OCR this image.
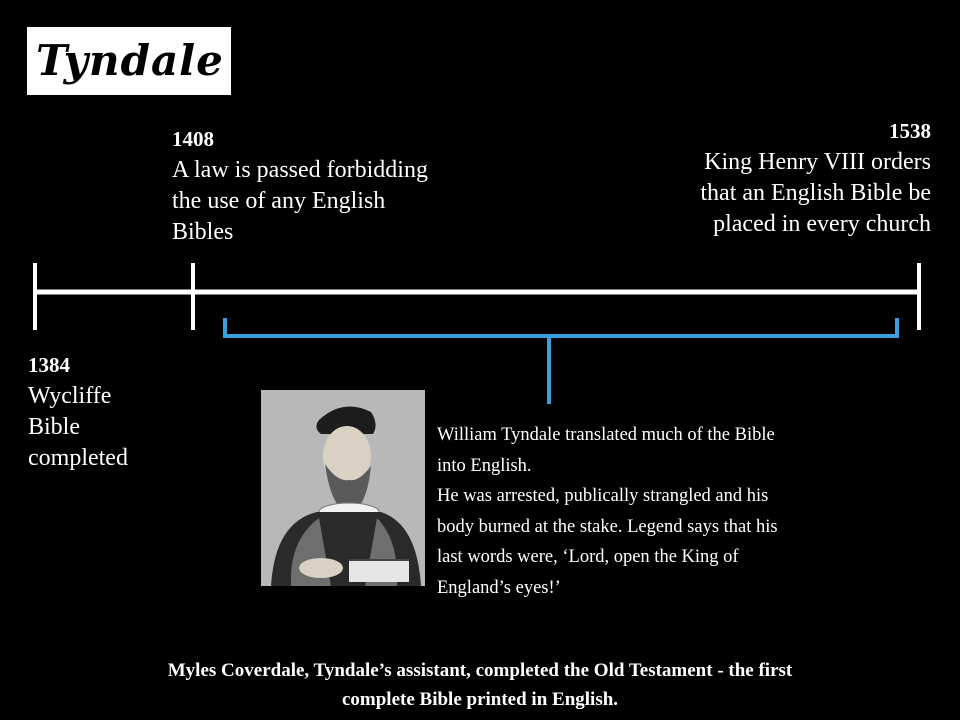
Tyndale
1384
Wycliffe
Bible
completed
1408
A law is passed forbidding
the use of any English
Bibles
1538
King Henry VIII orders
that an English Bible be
placed in every church
William Tyndale translated much of the Bible
into English.
He was arrested, publically strangled and his
body burned at the stake. Legend says that his
last words were, ‘Lord, open the King of
England’s eyes!’
Myles Coverdale, Tyndale’s assistant, completed the Old Testament - the first
complete Bible printed in English.
